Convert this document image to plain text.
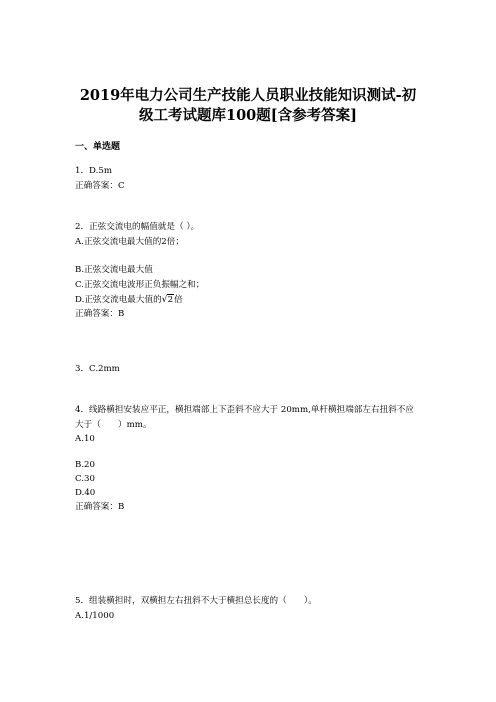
2019年电力公司生产技能人员职业技能知识测试-初
级工考试题库100题[含参考答案]
一、单选题
1．D.5m
正确答案：C
2．正弦交流电的幅值就是（ ）。
A.正弦交流电最大值的2倍；
B.正弦交流电最大值
C.正弦交流电波形正负振幅之和；
D.正弦交流电最大值的 √ 2倍
正确答案：B
3．C.2mm
4．线路横担安装应平正，横担端部上下歪斜不应大于 20mm,单杆横担端部左右扭斜不应
大于（　　）mm。
A.10
B.20
C.30
D.40
正确答案：B
5．组装横担时，双横担左右扭斜不大于横担总长度的（　　）。
A.1/1000
